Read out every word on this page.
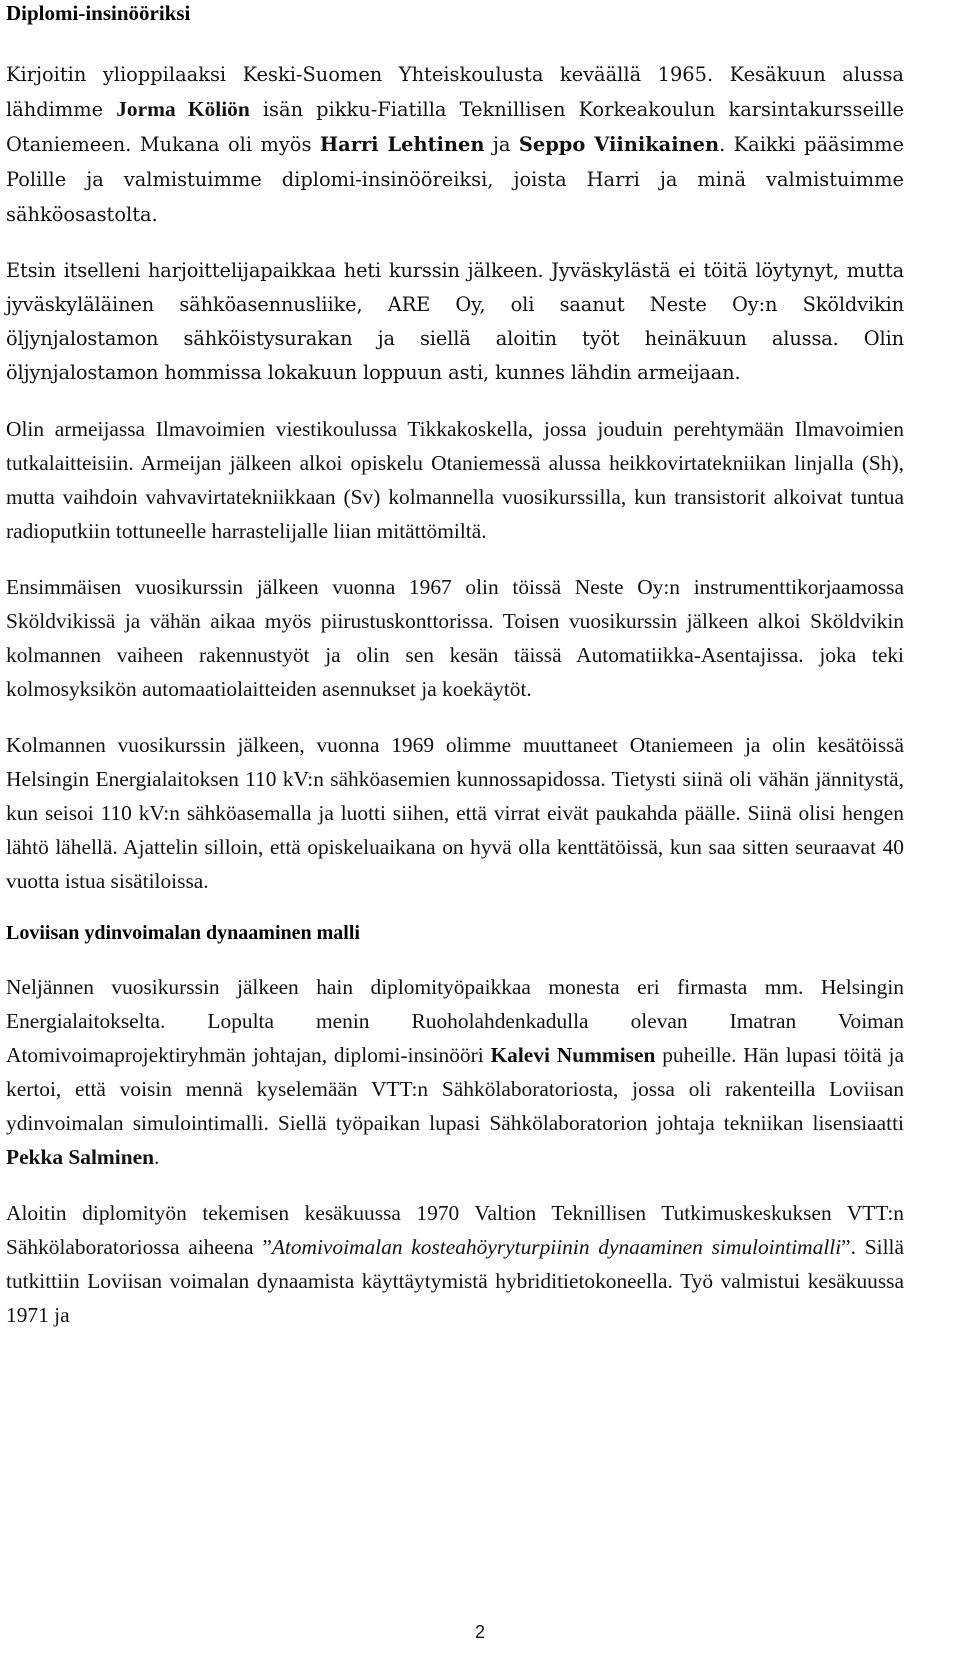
Diplomi-insinööriksi

Kirjoitin ylioppilaaksi Keski-Suomen Yhteiskoulusta keväällä 1965. Kesäkuun alussa lähdimme Jorma Köliön isän pikku-Fiatilla Teknillisen Korkeakoulun karsintakursseille Otaniemeen. Mukana oli myös Harri Lehtinen ja Seppo Viinikainen. Kaikki pääsimme Polille ja valmistuimme diplomi-insinööreiksi, joista Harri ja minä valmistuimme sähköosastolta.

Etsin itselleni harjoittelijapaikkaa heti kurssin jälkeen. Jyväskylästä ei töitä löytynyt, mutta jyväskyläläinen sähköasennusliike, ARE Oy, oli saanut Neste Oy:n Sköldvikin öljynjalostamon sähköistysurakan ja siellä aloitin työt heinäkuun alussa. Olin öljynjalostamon hommissa lokakuun loppuun asti, kunnes lähdin armeijaan.

Olin armeijassa Ilmavoimien viestikoulussa Tikkakoskella, jossa jouduin perehtymään Ilmavoimien tutkalaitteisiin. Armeijan jälkeen alkoi opiskelu Otaniemessä alussa heikkovirtatekniikan linjalla (Sh), mutta vaihdoin vahvavirtatekniikkaan (Sv) kolmannella vuosikurssilla, kun transistorit alkoivat tuntua radioputkiin tottuneelle harrastelijalle liian mitättömiltä.

Ensimmäisen vuosikurssin jälkeen vuonna 1967 olin töissä Neste Oy:n instrumenttikorjaamossa Sköldvikissä ja vähän aikaa myös piirustuskonttorissa. Toisen vuosikurssin jälkeen alkoi Sköldvikin kolmannen vaiheen rakennustyöt ja olin sen kesän täissä Automatiikka-Asentajissa. joka teki kolmosyksikön automaatiolaitteiden asennukset ja koekäytöt.

Kolmannen vuosikurssin jälkeen, vuonna 1969 olimme muuttaneet Otaniemeen ja olin kesätöissä Helsingin Energialaitoksen 110 kV:n sähköasemien kunnossapidossa. Tietysti siinä oli vähän jännitystä, kun seisoi 110 kV:n sähköasemalla ja luotti siihen, että virrat eivät paukahda päälle. Siinä olisi hengen lähtö lähellä. Ajattelin silloin, että opiskeluaikana on hyvä olla kenttätöissä, kun saa sitten seuraavat 40 vuotta istua sisätiloissa.

Loviisan ydinvoimalan dynaaminen malli

Neljännen vuosikurssin jälkeen hain diplomityöpaikkaa monesta eri firmasta mm. Helsingin Energialaitokselta. Lopulta menin Ruoholahdenkadulla olevan Imatran Voiman Atomivoimaprojektiryhmän johtajan, diplomi-insinööri Kalevi Nummisen puheille. Hän lupasi töitä ja kertoi, että voisin mennä kyselemään VTT:n Sähkölaboratoriosta, jossa oli rakenteilla Loviisan ydinvoimalan simulointimalli. Siellä työpaikan lupasi Sähkölaboratorion johtaja tekniikan lisensiaatti Pekka Salminen.

Aloitin diplomityön tekemisen kesäkuussa 1970 Valtion Teknillisen Tutkimuskeskuksen VTT:n Sähkölaboratoriossa aiheena ”Atomivoimalan kosteahöyryturpiinin dynaaminen simulointimalli”. Sillä tutkittiin Loviisan voimalan dynaamista käyttäytymistä hybriditietokoneella. Työ valmistui kesäkuussa 1971 ja

2
